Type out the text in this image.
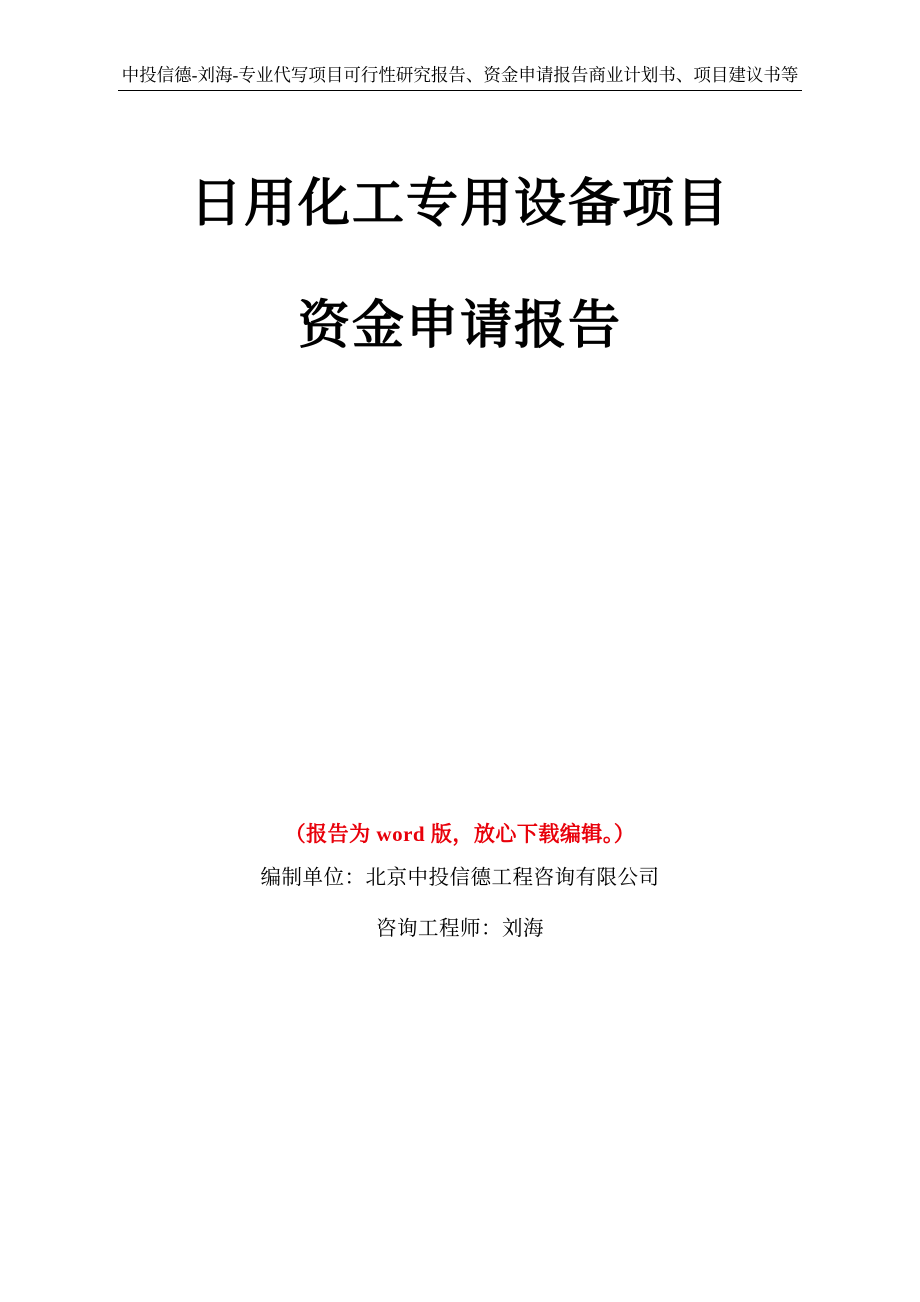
中投信德-刘海-专业代写项目可行性研究报告、资金申请报告商业计划书、项目建议书等
日用化工专用设备项目
资金申请报告
（报告为 word 版，放心下载编辑。）
编制单位：北京中投信德工程咨询有限公司
咨询工程师：刘海
